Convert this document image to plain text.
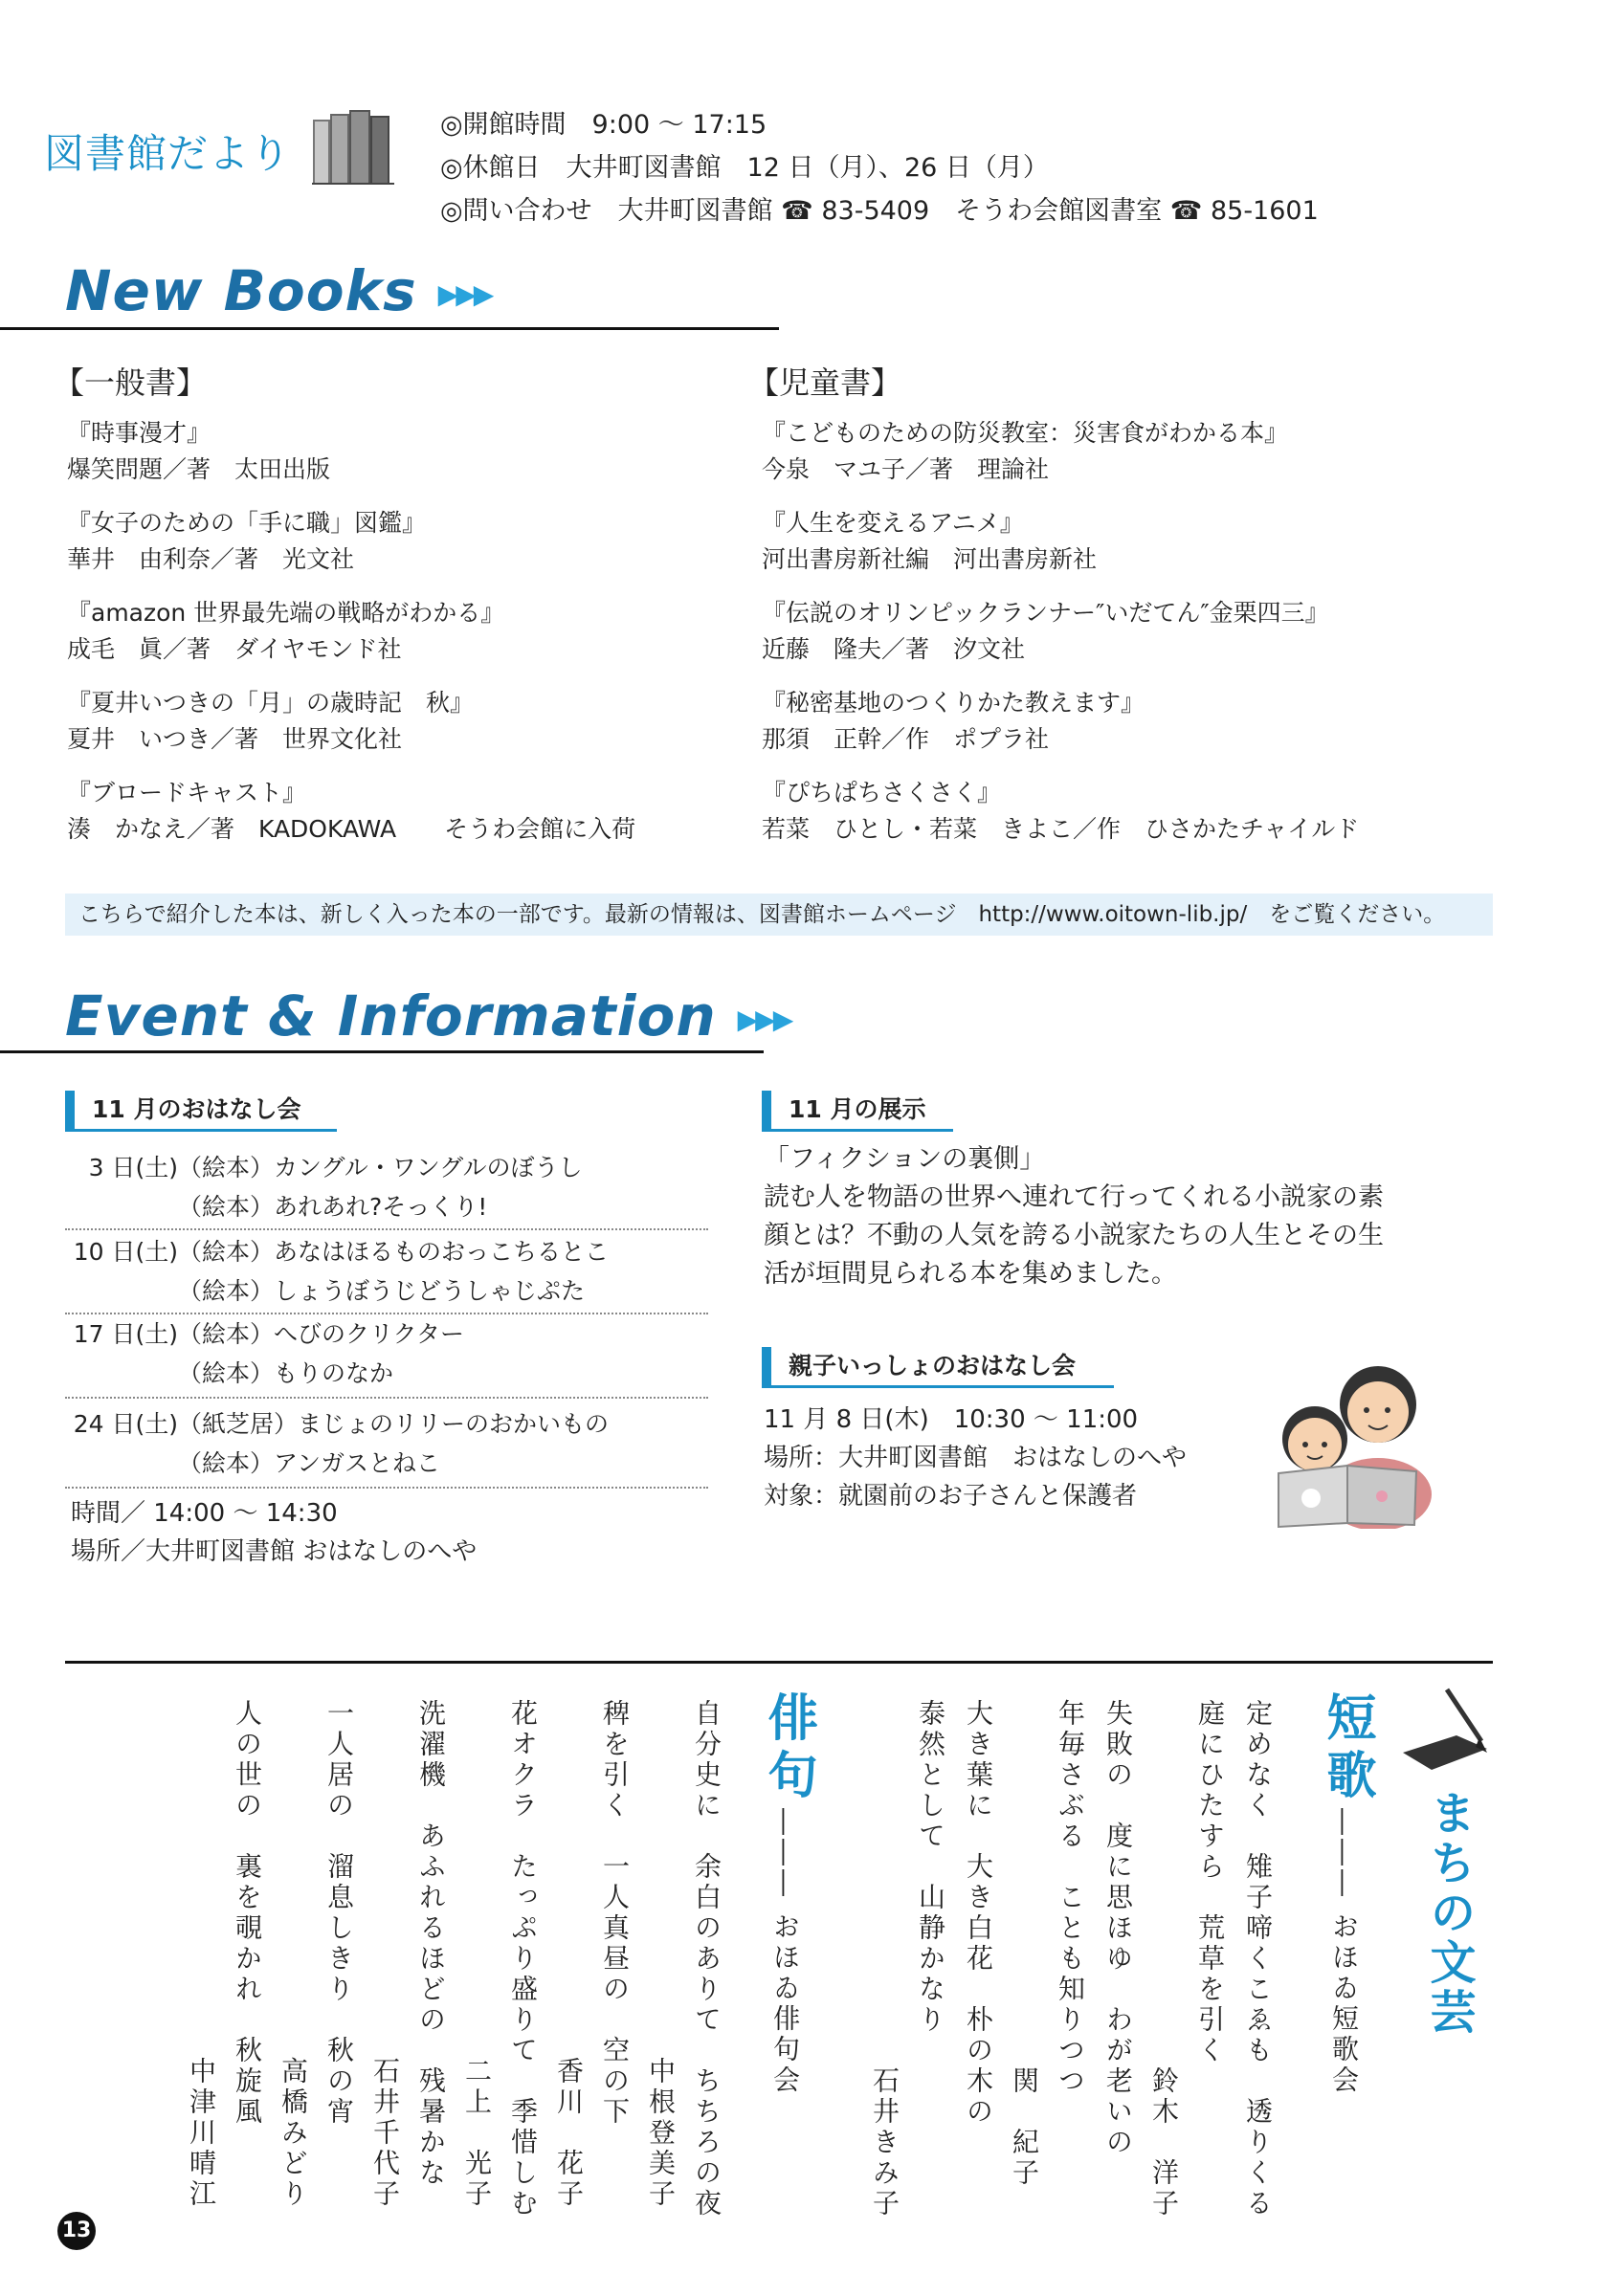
図書館だより
◎開館時間　9:00 ～ 17:15
◎休館日　大井町図書館　12 日（月）、26 日（月）
◎問い合わせ　大井町図書館 ☎ 83-5409　そうわ会館図書室 ☎ 85-1601
New Books ▶▶▶
【一般書】	【児童書】
『時事漫才』
爆笑問題／著　太田出版
『女子のための「手に職」図鑑』
華井　由利奈／著　光文社
『amazon 世界最先端の戦略がわかる』
成毛　眞／著　ダイヤモンド社
『夏井いつきの「月」の歳時記　秋』
夏井　いつき／著　世界文化社
『ブロードキャスト』
湊　かなえ／著　KADOKAWA　　そうわ会館に入荷
『こどものための防災教室：災害食がわかる本』
今泉　マユ子／著　理論社
『人生を変えるアニメ』
河出書房新社編　河出書房新社
『伝説のオリンピックランナー″いだてん″金栗四三』
近藤　隆夫／著　汐文社
『秘密基地のつくりかた教えます』
那須　正幹／作　ポプラ社
『ぴちぱちさくさく』
若菜　ひとし・若菜　きよこ／作　ひさかたチャイルド
こちらで紹介した本は、新しく入った本の一部です。最新の情報は、図書館ホームページ　http://www.oitown-lib.jp/　をご覧ください。
Event & Information ▶▶▶
11 月のおはなし会
3 日(土)（絵本）カングル・ワングルのぼうし
（絵本）あれあれ?そっくり!
10 日(土)（絵本）あなはほるものおっこちるとこ
（絵本）しょうぼうじどうしゃじぷた
17 日(土)（絵本）へびのクリクター
（絵本）もりのなか
24 日(土)（紙芝居）まじょのリリーのおかいもの
（絵本）アンガスとねこ
時間／ 14:00 ～ 14:30
場所／大井町図書館 おはなしのへや
11 月の展示
「フィクションの裏側」
読む人を物語の世界へ連れて行ってくれる小説家の素
顔とは？不動の人気を誇る小説家たちの人生とその生
活が垣間見られる本を集めました。
親子いっしょのおはなし会
11 月 8 日(木)　10:30 ～ 11:00
場所：大井町図書館　おはなしのへや
対象：就園前のお子さんと保護者
まちの文芸
短歌
――― おほゐ短歌会
定めなく　雉子啼くこゑも　透りくる
庭にひたすら　荒草を引く
鈴木　洋子
失敗の　度に思ほゆ　わが老いの
年毎さぶる　ことも知りつつ
関　紀子
大き葉に　大き白花　朴の木の
泰然として　山静かなり
石井きみ子
俳句
――― おほゐ俳句会
自分史に　余白のありて　ちちろの夜
中根登美子
稗を引く　一人真昼の　空の下
香川　花子
花オクラ　たっぷり盛りて　季惜しむ
二上　光子
洗濯機　あふれるほどの　残暑かな
石井千代子
一人居の　溜息しきり　秋の宵
高橋みどり
人の世の　裏を覗かれ　秋旋風
中津川晴江
13
